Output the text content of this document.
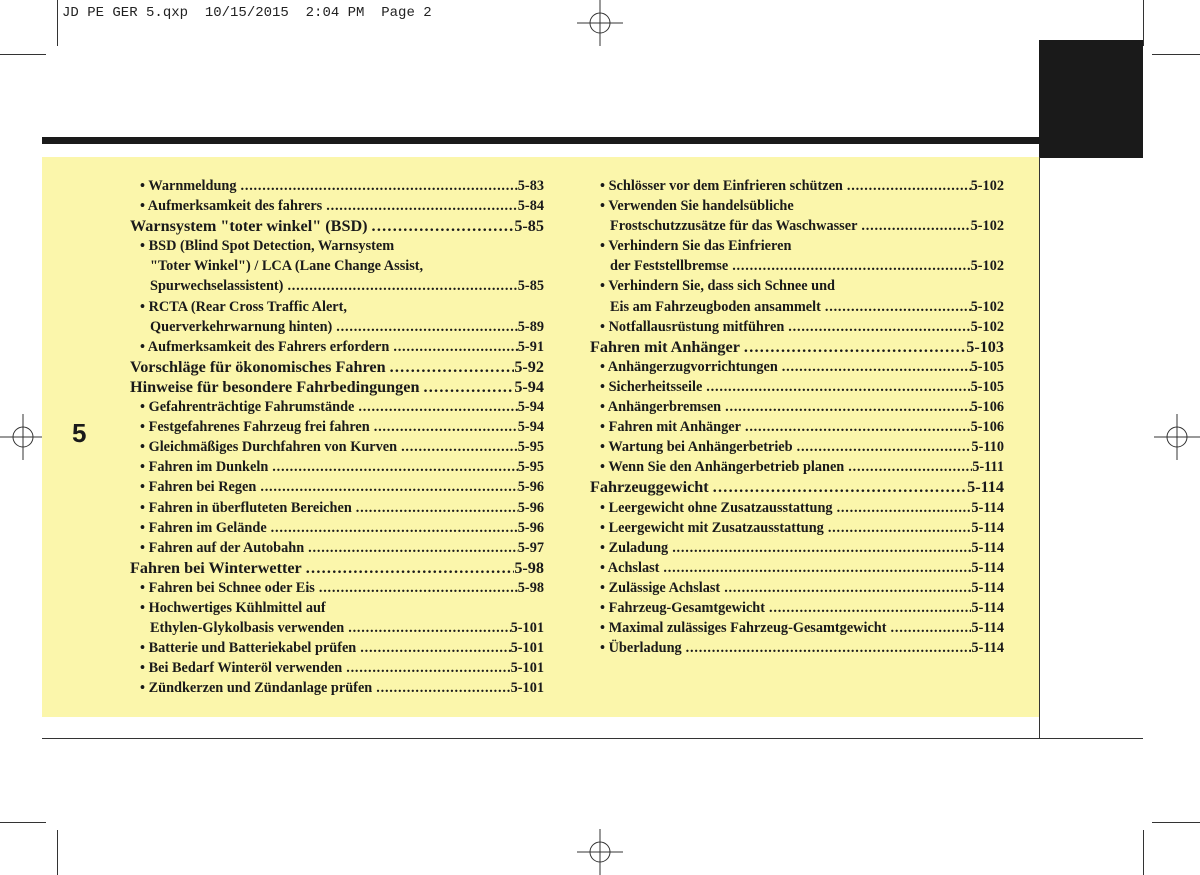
JD PE GER 5.qxp  10/15/2015  2:04 PM  Page 2
5
• Warnmeldung . . .	5-83
• Aufmerksamkeit des fahrers . . .	5-84
Warnsystem "toter winkel" (BSD) . . .	5-85
• BSD (Blind Spot Detection, Warnsystem
"Toter Winkel") / LCA (Lane Change Assist,
Spurwechselassistent) . . .	5-85
• RCTA (Rear Cross Traffic Alert,
Querverkehrwarnung hinten) . . .	5-89
• Aufmerksamkeit des Fahrers erfordern . . .	5-91
Vorschläge für ökonomisches Fahren . . .	5-92
Hinweise für besondere Fahrbedingungen . . .	5-94
• Gefahrenträchtige Fahrumstände . . .	5-94
• Festgefahrenes Fahrzeug frei fahren . . .	5-94
• Gleichmäßiges Durchfahren von Kurven . . .	5-95
• Fahren im Dunkeln . . .	5-95
• Fahren bei Regen . . .	5-96
• Fahren in überfluteten Bereichen . . .	5-96
• Fahren im Gelände . . .	5-96
• Fahren auf der Autobahn . . .	5-97
Fahren bei Winterwetter . . .	5-98
• Fahren bei Schnee oder Eis . . .	5-98
• Hochwertiges Kühlmittel auf
Ethylen-Glykolbasis verwenden . . .	5-101
• Batterie und Batteriekabel prüfen . . .	5-101
• Bei Bedarf Winteröl verwenden . . .	5-101
• Zündkerzen und Zündanlage prüfen . . .	5-101
• Schlösser vor dem Einfrieren schützen . . .	5-102
• Verwenden Sie handelsübliche
Frostschutzzusätze für das Waschwasser . . .	5-102
• Verhindern Sie das Einfrieren
der Feststellbremse . . .	5-102
• Verhindern Sie, dass sich Schnee und
Eis am Fahrzeugboden ansammelt . . .	5-102
• Notfallausrüstung mitführen . . .	5-102
Fahren mit Anhänger . . .	5-103
• Anhängerzugvorrichtungen . . .	5-105
• Sicherheitsseile . . .	5-105
• Anhängerbremsen . . .	5-106
• Fahren mit Anhänger . . .	5-106
• Wartung bei Anhängerbetrieb . . .	5-110
• Wenn Sie den Anhängerbetrieb planen . . .	5-111
Fahrzeuggewicht . . .	5-114
• Leergewicht ohne Zusatzausstattung . . .	5-114
• Leergewicht mit Zusatzausstattung . . .	5-114
• Zuladung . . .	5-114
• Achslast . . .	5-114
• Zulässige Achslast . . .	5-114
• Fahrzeug-Gesamtgewicht . . .	5-114
• Maximal zulässiges Fahrzeug-Gesamtgewicht . . .	5-114
• Überladung . . .	5-114
